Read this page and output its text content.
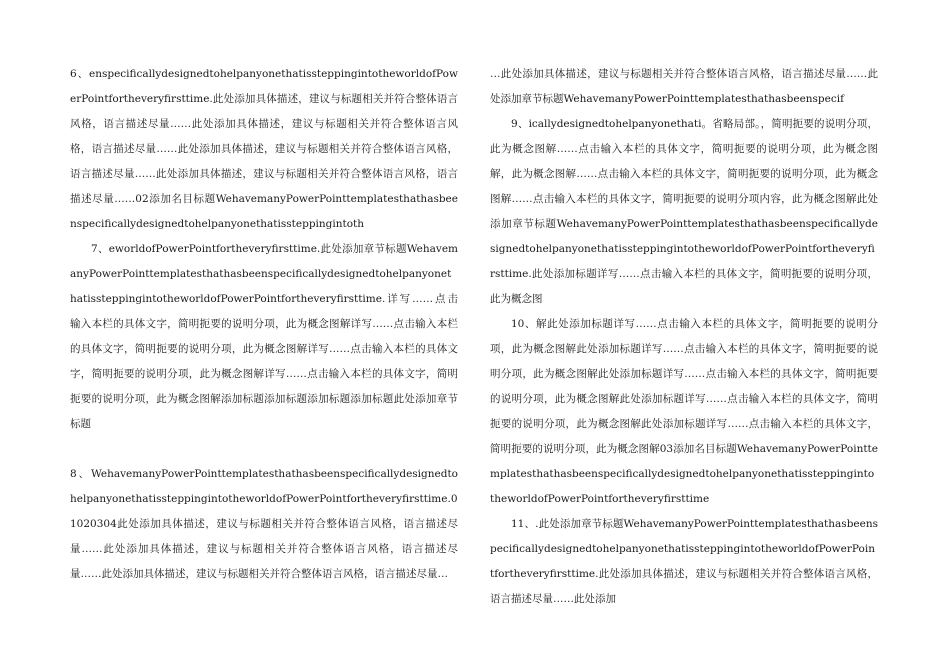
6、enspecificallydesignedtohelpanyonethatissteppingintotheworldofPowerPointfortheveryfirsttime.此处添加具体描述，建议与标题相关并符合整体语言风格，语言描述尽量……此处添加具体描述，建议与标题相关并符合整体语言风格，语言描述尽量……此处添加具体描述，建议与标题相关并符合整体语言风格，语言描述尽量……此处添加具体描述，建议与标题相关并符合整体语言风格，语言描述尽量……02添加名目标题WehavemanyPowerPointtemplatesthathasbeenspecificallydesignedtohelpanyonethatissteppingintoth

7、eworldofPowerPointfortheveryfirsttime.此处添加章节标题WehavemanyPowerPointtemplatesthathasbeenspecificallydesignedtohelpanyonethatissteppingintotheworldofPowerPointfortheveryfirsttime.详写……点击输入本栏的具体文字，简明扼要的说明分项，此为概念图解详写……点击输入本栏的具体文字，简明扼要的说明分项，此为概念图解详写……点击输入本栏的具体文字，简明扼要的说明分项，此为概念图解详写……点击输入本栏的具体文字，简明扼要的说明分项，此为概念图解添加标题添加标题添加标题添加标题此处添加章节标题

8、WehavemanyPowerPointtemplatesthathasbeenspecificallydesignedtohelpanyonethatissteppingintotheworldofPowerPointfortheveryfirsttime.01020304此处添加具体描述，建议与标题相关并符合整体语言风格，语言描述尽量……此处添加具体描述，建议与标题相关并符合整体语言风格，语言描述尽量……此处添加具体描述，建议与标题相关并符合整体语言风格，语言描述尽量…

…此处添加具体描述，建议与标题相关并符合整体语言风格，语言描述尽量……此处添加章节标题WehavemanyPowerPointtemplatesthathasbeenspecif

9、icallydesignedtohelpanyonethati。省略局部。，简明扼要的说明分项，此为概念图解……点击输入本栏的具体文字，简明扼要的说明分项，此为概念图解，此为概念图解……点击输入本栏的具体文字，简明扼要的说明分项，此为概念图解……点击输入本栏的具体文字，简明扼要的说明分项内容，此为概念图解此处添加章节标题WehavemanyPowerPointtemplatesthathasbeenspecificallydesignedtohelpanyonethatissteppingintotheworldofPowerPointfortheveryfirsttime.此处添加标题详写……点击输入本栏的具体文字，简明扼要的说明分项，此为概念图

10、解此处添加标题详写……点击输入本栏的具体文字，简明扼要的说明分项，此为概念图解此处添加标题详写……点击输入本栏的具体文字，简明扼要的说明分项，此为概念图解此处添加标题详写……点击输入本栏的具体文字，简明扼要的说明分项，此为概念图解此处添加标题详写……点击输入本栏的具体文字，简明扼要的说明分项，此为概念图解此处添加标题详写……点击输入本栏的具体文字，简明扼要的说明分项，此为概念图解03添加名目标题WehavemanyPowerPointtemplatesthathasbeenspecificallydesignedtohelpanyonethatissteppingintotheworldofPowerPointfortheveryfirsttime

11、.此处添加章节标题WehavemanyPowerPointtemplatesthathasbeenspecificallydesignedtohelpanyonethatissteppingintotheworldofPowerPointfortheveryfirsttime.此处添加具体描述，建议与标题相关并符合整体语言风格，语言描述尽量……此处添加
